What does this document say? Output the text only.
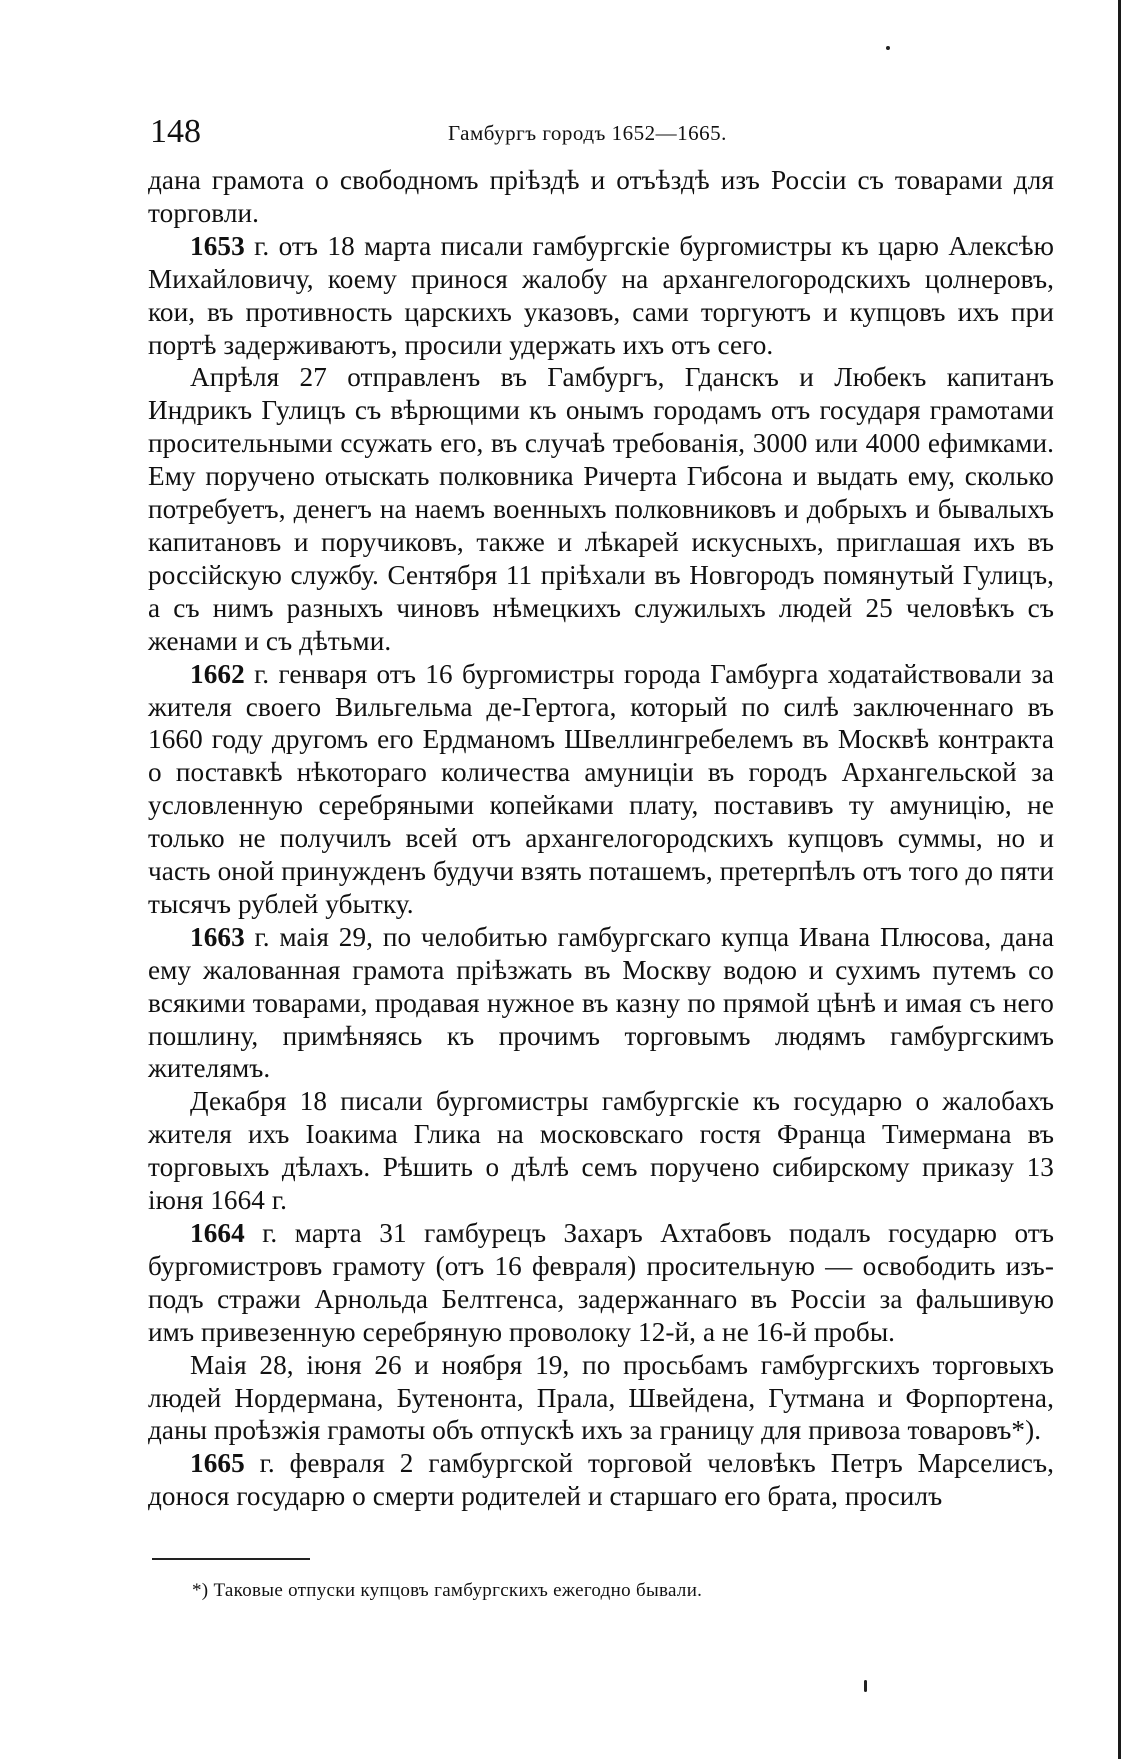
148	Гамбургъ городъ 1652—1665.

дана грамота о свободномъ пріѣздѣ и отъѣздѣ изъ Россіи съ товарами для торговли.

1653 г. отъ 18 марта писали гамбургскіе бургомистры къ царю Алексѣю Михайловичу, коему принося жалобу на архангелогородскихъ цолнеровъ, кои, въ противность царскихъ указовъ, сами торгуютъ и купцовъ ихъ при портѣ задерживаютъ, просили удержать ихъ отъ сего.

Апрѣля 27 отправленъ въ Гамбургъ, Гданскъ и Любекъ капитанъ Индрикъ Гулицъ съ вѣрющими къ онымъ городамъ отъ государя грамотами просительными ссужать его, въ случаѣ требованія, 3000 или 4000 ефимками. Ему поручено отыскать полковника Ричерта Гибсона и выдать ему, сколько потребуетъ, денегъ на наемъ военныхъ полковниковъ и добрыхъ и бывалыхъ капитановъ и поручиковъ, также и лѣкарей искусныхъ, приглашая ихъ въ россійскую службу. Сентября 11 пріѣхали въ Новгородъ помянутый Гулицъ, а съ нимъ разныхъ чиновъ нѣмецкихъ служилыхъ людей 25 человѣкъ съ женами и съ дѣтьми.

1662 г. генваря отъ 16 бургомистры города Гамбурга ходатайствовали за жителя своего Вильгельма де-Гертога, который по силѣ заключеннаго въ 1660 году другомъ его Ердманомъ Швеллингребелемъ въ Москвѣ контракта о поставкѣ нѣкотораго количества амуниціи въ городъ Архангельской за условленную серебряными копейками плату, поставивъ ту амуницію, не только не получилъ всей отъ архангелогородскихъ купцовъ суммы, но и часть оной принужденъ будучи взять поташемъ, претерпѣлъ отъ того до пяти тысячъ рублей убытку.

1663 г. маія 29, по челобитью гамбургскаго купца Ивана Плюсова, дана ему жалованная грамота пріѣзжать въ Москву водою и сухимъ путемъ со всякими товарами, продавая нужное въ казну по прямой цѣнѣ и имая съ него пошлину, примѣняясь къ прочимъ торговымъ людямъ гамбургскимъ жителямъ.

Декабря 18 писали бургомистры гамбургскіе къ государю о жалобахъ жителя ихъ Іоакима Глика на московскаго гостя Франца Тимермана въ торговыхъ дѣлахъ. Рѣшить о дѣлѣ семъ поручено сибирскому приказу 13 іюня 1664 г.

1664 г. марта 31 гамбурецъ Захаръ Ахтабовъ подалъ государю отъ бургомистровъ грамоту (отъ 16 февраля) просительную — освободить изъ-подъ стражи Арнольда Белтгенса, задержаннаго въ Россіи за фальшивую имъ привезенную серебряную проволоку 12-й, а не 16-й пробы.

Маія 28, іюня 26 и ноября 19, по просьбамъ гамбургскихъ торговыхъ людей Нордермана, Бутенонта, Прала, Швейдена, Гутмана и Форпортена, даны проѣзжія грамоты объ отпускѣ ихъ за границу для привоза товаровъ*).

1665 г. февраля 2 гамбургской торговой человѣкъ Петръ Марселисъ, донося государю о смерти родителей и старшаго его брата, просилъ

*) Таковые отпуски купцовъ гамбургскихъ ежегодно бывали.
